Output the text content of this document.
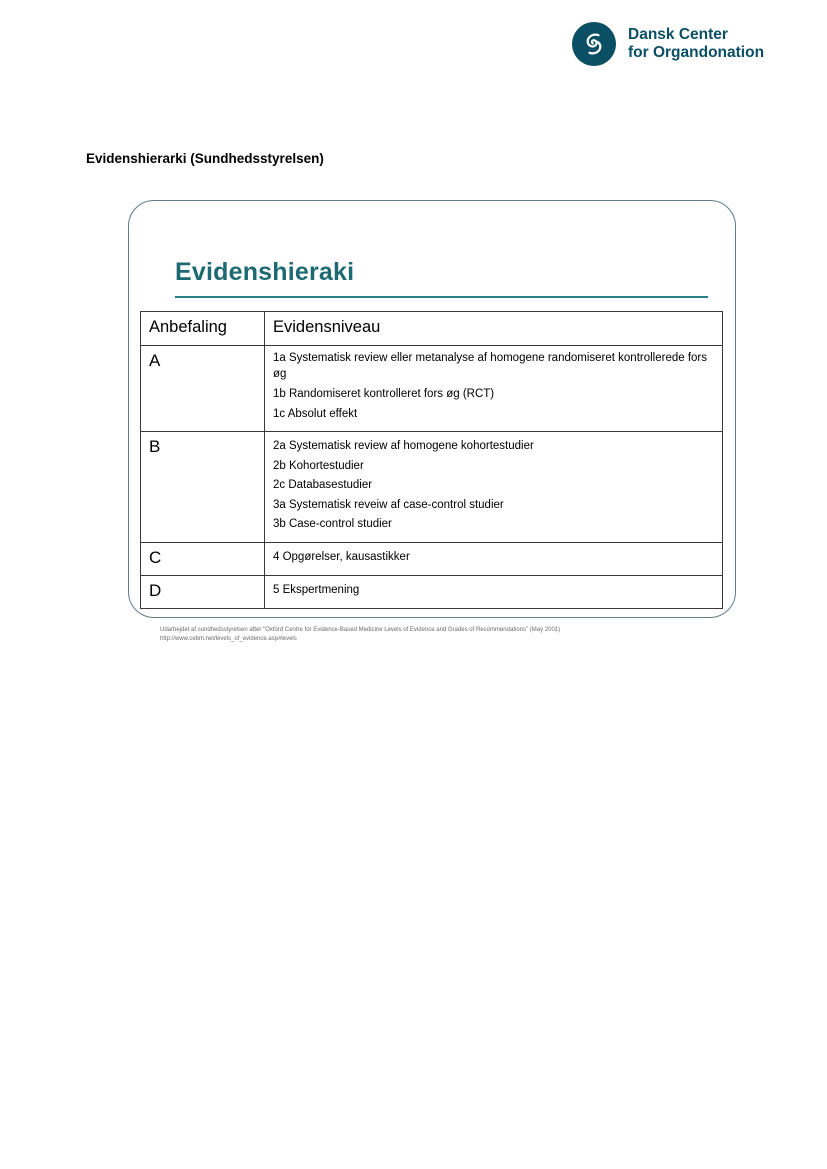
Dansk Center
for Organdonation
Evidenshierarki (Sundhedsstyrelsen)
Evidenshieraki
Anbefaling	Evidensniveau
A	1a Systematisk review eller metanalyse af homogene randomiseret kontrollerede fors øg
1b Randomiseret kontrolleret fors øg (RCT)
1c Absolut effekt

B	2a Systematisk review af homogene kohortestudier
2b Kohortestudier
2c Databasestudier
3a Systematisk reveiw af case-control studier
3b Case-control studier

C	4 Opgørelser, kausastikker

D	5 Ekspertmening
Udarbejdet af sundhedsstyrelsen after "Oxford Centre for Evidence-Based Medicine Levels of Evidence and Grades of Recommendations" (May 2001)
http://www.cebm.net/levels_of_evidence.asp#levels
